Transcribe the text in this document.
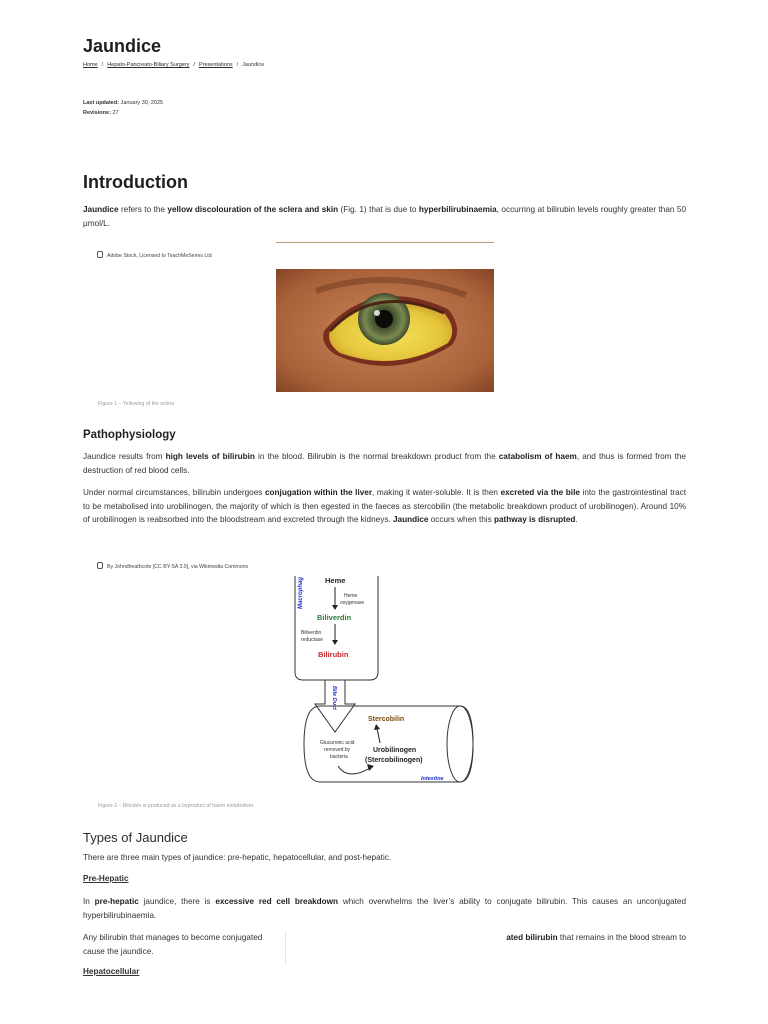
Jaundice
Home / Hepato-Pancreato-Biliary Surgery / Presentations / Jaundice
Last updated: January 30, 2025
Revisions: 27
Introduction

Jaundice refers to the yellow discolouration of the sclera and skin (Fig. 1) that is due to hyperbilirubinaemia, occurring at bilirubin levels roughly greater than 50 μmol/L.

Adobe Stock, Licensed to TeachMeSeries Ltd
Figure 1 – Yellowing of the sclera
Pathophysiology

Jaundice results from high levels of bilirubin in the blood. Bilirubin is the normal breakdown product from the catabolism of haem, and thus is formed from the destruction of red blood cells.

Under normal circumstances, bilirubin undergoes conjugation within the liver, making it water-soluble. It is then excreted via the bile into the gastrointestinal tract to be metabolised into urobilinogen, the majority of which is then egested in the faeces as stercobilin (the metabolic breakdown product of urobilinogen). Around 10% of urobilinogen is reabsorbed into the bloodstream and excreted through the kidneys. Jaundice occurs when this pathway is disrupted.

By Johndheathcote [CC BY-SA 3.0], via Wikimedia Commons
Macrophag	Heme
Heme
oxygenase
Biliverdin
Biliverdin
reductase
Bilirubin
Bile Duct
Stercobilin
Glucuronic acid
removed by
bacteria
Urobilinogen
(Stercobilinogen)
Intestine
Figure 2 – Bilirubin is produced as a byproduct of haem metabolism
Types of Jaundice

There are three main types of jaundice: pre-hepatic, hepatocellular, and post-hepatic.

Pre-Hepatic

In pre-hepatic jaundice, there is excessive red cell breakdown which overwhelms the liver’s ability to conjugate bilirubin. This causes an unconjugated hyperbilirubinaemia.

Any bilirubin that manages to become conjugated	ated bilirubin that remains in the blood stream to
cause the jaundice.
Hepatocellular
